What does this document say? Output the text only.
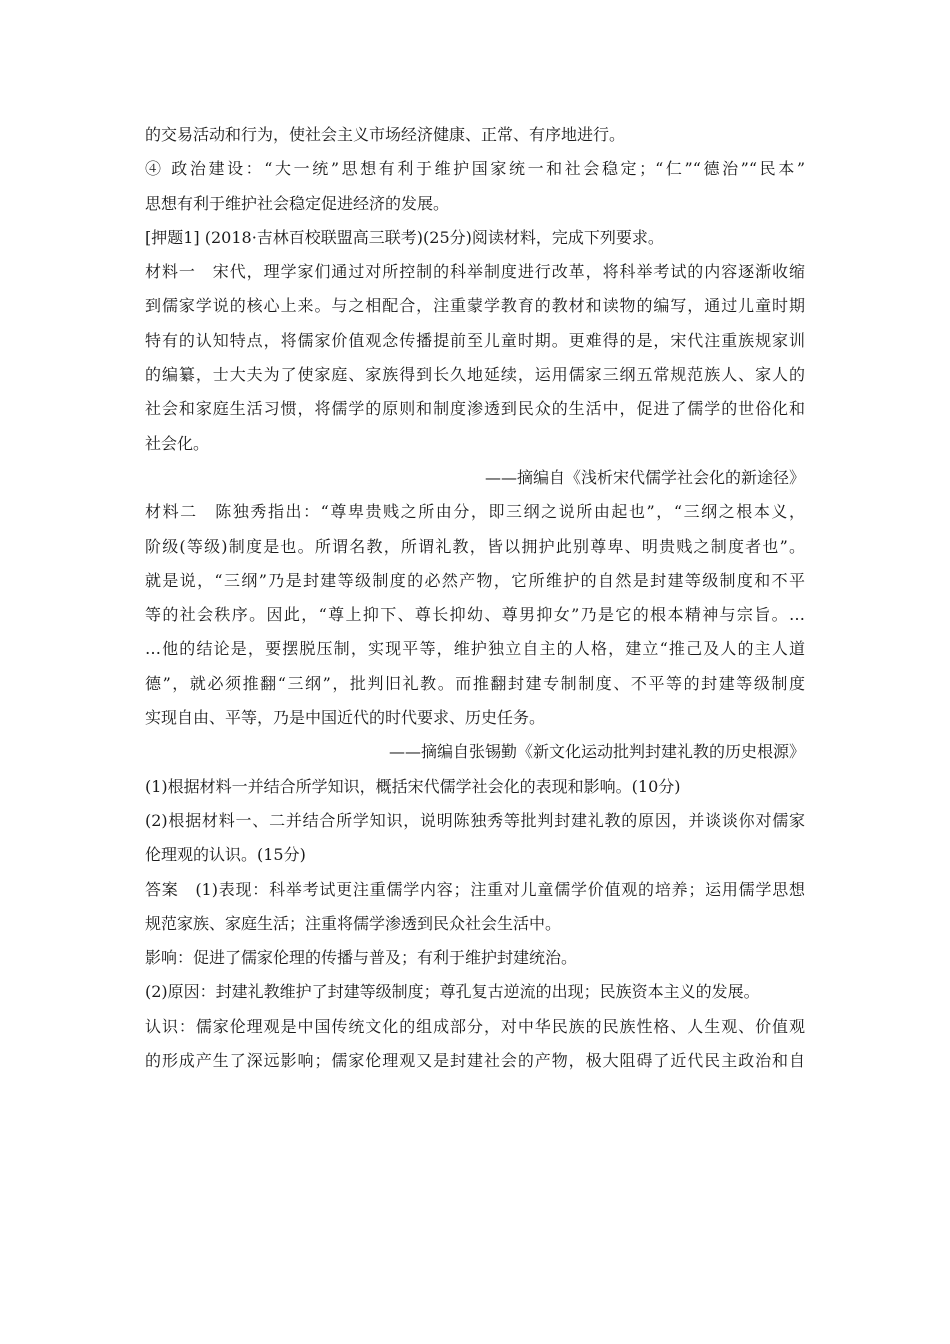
的交易活动和行为，使社会主义市场经济健康、正常、有序地进行。
④ 政治建设：“大一统”思想有利于维护国家统一和社会稳定；“仁”“德治”“民本”
思想有利于维护社会稳定促进经济的发展。
[押题1] (2018·吉林百校联盟高三联考)(25分)阅读材料，完成下列要求。
材料一　宋代，理学家们通过对所控制的科举制度进行改革，将科举考试的内容逐渐收缩
到儒家学说的核心上来。与之相配合，注重蒙学教育的教材和读物的编写，通过儿童时期
特有的认知特点，将儒家价值观念传播提前至儿童时期。更难得的是，宋代注重族规家训
的编纂，士大夫为了使家庭、家族得到长久地延续，运用儒家三纲五常规范族人、家人的
社会和家庭生活习惯，将儒学的原则和制度渗透到民众的生活中，促进了儒学的世俗化和
社会化。
——摘编自《浅析宋代儒学社会化的新途径》
材料二　陈独秀指出：“尊卑贵贱之所由分，即三纲之说所由起也”，“三纲之根本义，
阶级(等级)制度是也。所谓名教，所谓礼教，皆以拥护此别尊卑、明贵贱之制度者也”。
就是说，“三纲”乃是封建等级制度的必然产物，它所维护的自然是封建等级制度和不平
等的社会秩序。因此，“尊上抑下、尊长抑幼、尊男抑女”乃是它的根本精神与宗旨。…
…他的结论是，要摆脱压制，实现平等，维护独立自主的人格，建立“推己及人的主人道
德”，就必须推翻“三纲”，批判旧礼教。而推翻封建专制制度、不平等的封建等级制度
实现自由、平等，乃是中国近代的时代要求、历史任务。
——摘编自张锡勤《新文化运动批判封建礼教的历史根源》
(1)根据材料一并结合所学知识，概括宋代儒学社会化的表现和影响。(10分)
(2)根据材料一、二并结合所学知识，说明陈独秀等批判封建礼教的原因，并谈谈你对儒家
伦理观的认识。(15分)
答案　(1)表现：科举考试更注重儒学内容；注重对儿童儒学价值观的培养；运用儒学思想
规范家族、家庭生活；注重将儒学渗透到民众社会生活中。
影响：促进了儒家伦理的传播与普及；有利于维护封建统治。
(2)原因：封建礼教维护了封建等级制度；尊孔复古逆流的出现；民族资本主义的发展。
认识：儒家伦理观是中国传统文化的组成部分，对中华民族的民族性格、人生观、价值观
的形成产生了深远影响；儒家伦理观又是封建社会的产物，极大阻碍了近代民主政治和自
